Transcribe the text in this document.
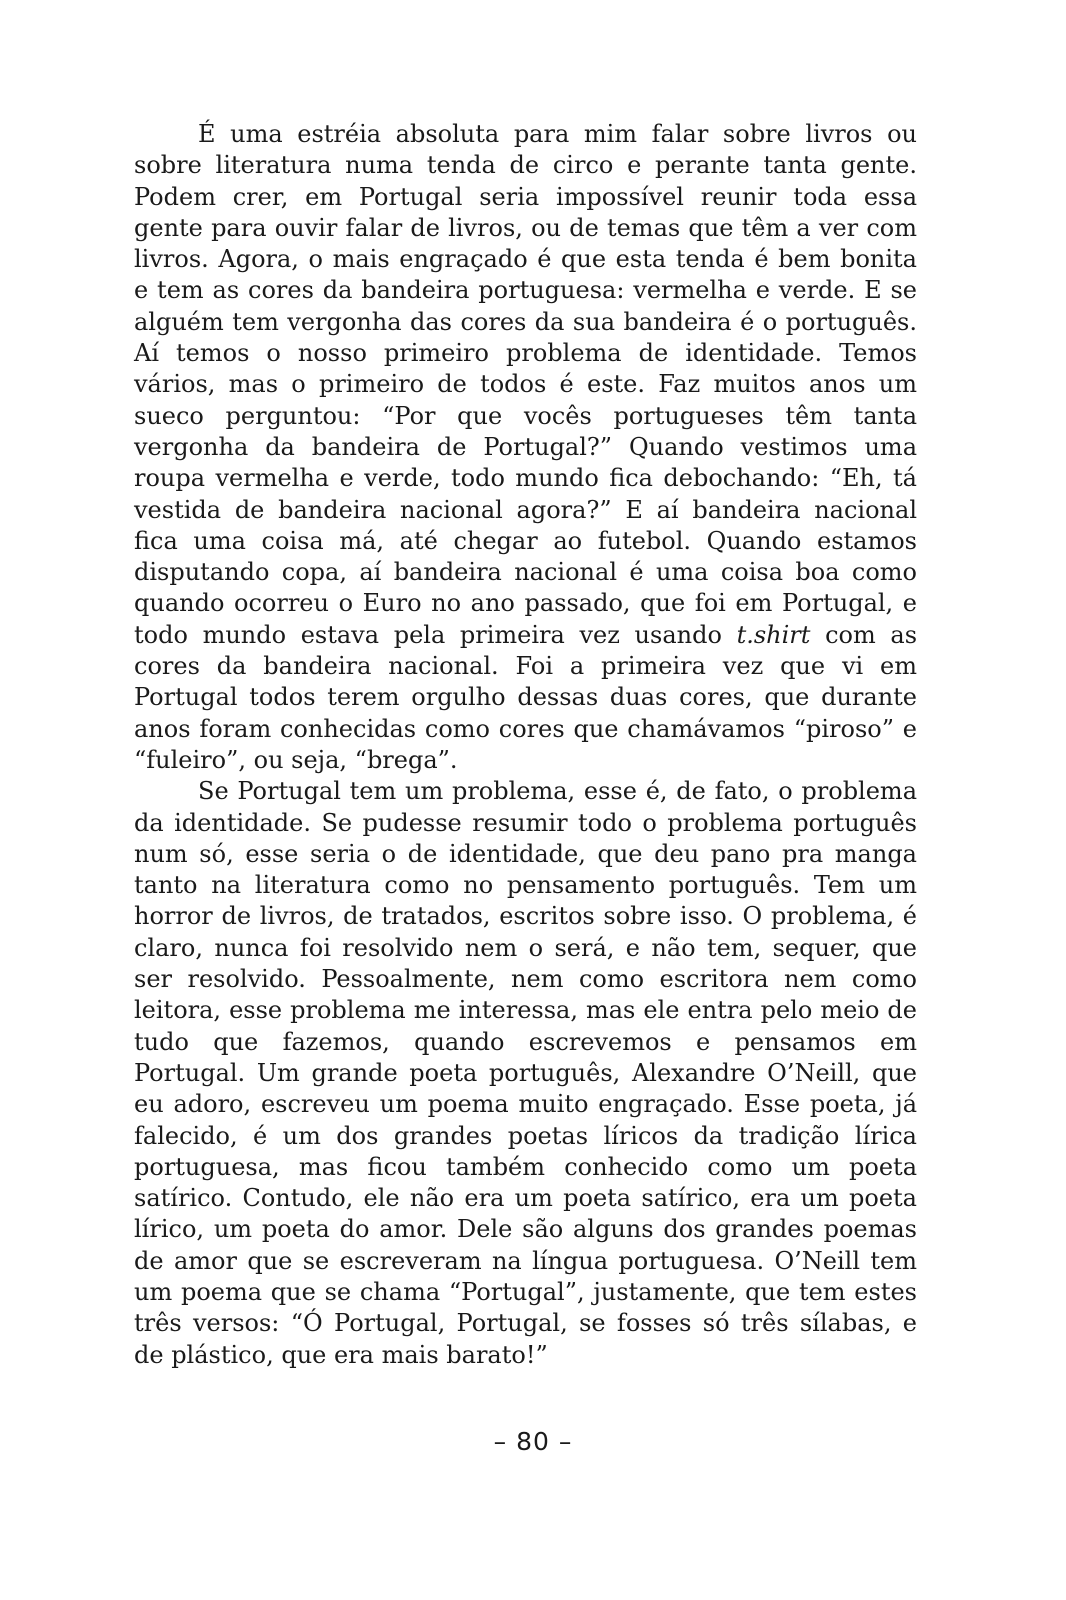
É uma estréia absoluta para mim falar sobre livros ou sobre literatura numa tenda de circo e perante tanta gente. Podem crer, em Portugal seria impossível reunir toda essa gente para ouvir falar de livros, ou de temas que têm a ver com livros. Agora, o mais engraçado é que esta tenda é bem bonita e tem as cores da bandeira portuguesa: vermelha e verde. E se alguém tem vergonha das cores da sua bandeira é o português. Aí temos o nosso primeiro problema de identidade. Temos vários, mas o primeiro de todos é este. Faz muitos anos um sueco perguntou: “Por que vocês portugueses têm tanta vergonha da bandeira de Portugal?” Quando vestimos uma roupa vermelha e verde, todo mundo fica debochando: “Eh, tá vestida de bandeira nacional agora?” E aí bandeira nacional fica uma coisa má, até chegar ao futebol. Quando estamos disputando copa, aí bandeira nacional é uma coisa boa como quando ocorreu o Euro no ano passado, que foi em Portugal, e todo mundo estava pela primeira vez usando t.shirt com as cores da bandeira nacional. Foi a primeira vez que vi em Portugal todos terem orgulho dessas duas cores, que durante anos foram conhecidas como cores que chamávamos “piroso” e “fuleiro”, ou seja, “brega”.

Se Portugal tem um problema, esse é, de fato, o problema da identidade. Se pudesse resumir todo o problema português num só, esse seria o de identidade, que deu pano pra manga tanto na literatura como no pensamento português. Tem um horror de livros, de tratados, escritos sobre isso. O problema, é claro, nunca foi resolvido nem o será, e não tem, sequer, que ser resolvido. Pessoalmente, nem como escritora nem como leitora, esse problema me interessa, mas ele entra pelo meio de tudo que fazemos, quando escrevemos e pensamos em Portugal. Um grande poeta português, Alexandre O’Neill, que eu adoro, escreveu um poema muito engraçado. Esse poeta, já falecido, é um dos grandes poetas líricos da tradição lírica portuguesa, mas ficou também conhecido como um poeta satírico. Contudo, ele não era um poeta satírico, era um poeta lírico, um poeta do amor. Dele são alguns dos grandes poemas de amor que se escreveram na língua portuguesa. O’Neill tem um poema que se chama “Portugal”, justamente, que tem estes três versos: “Ó Portugal, Portugal, se fosses só três sílabas, e de plástico, que era mais barato!”

– 80 –
